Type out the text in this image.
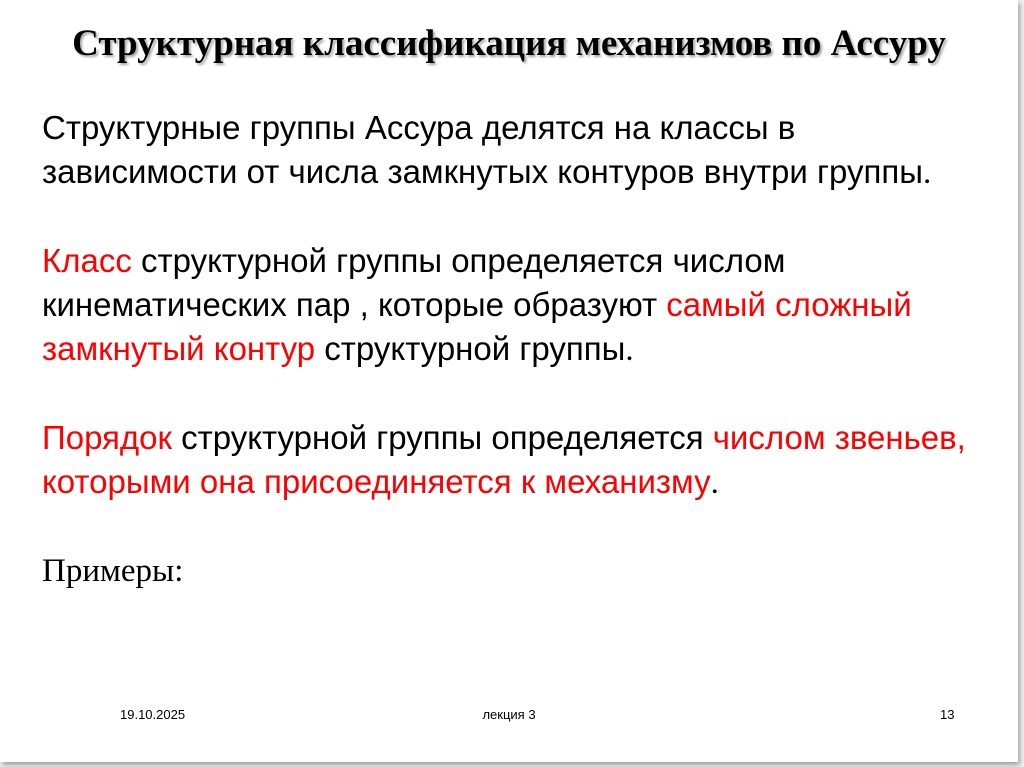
Структурная классификация механизмов по Ассуру

Структурные группы Ассура делятся на классы в зависимости от числа замкнутых контуров внутри группы.

Класс структурной группы определяется числом кинематических пар , которые образуют самый сложный замкнутый контур структурной группы.

Порядок структурной группы определяется числом звеньев, которыми она присоединяется к механизму.

Примеры:

19.10.2025	лекция 3	13
